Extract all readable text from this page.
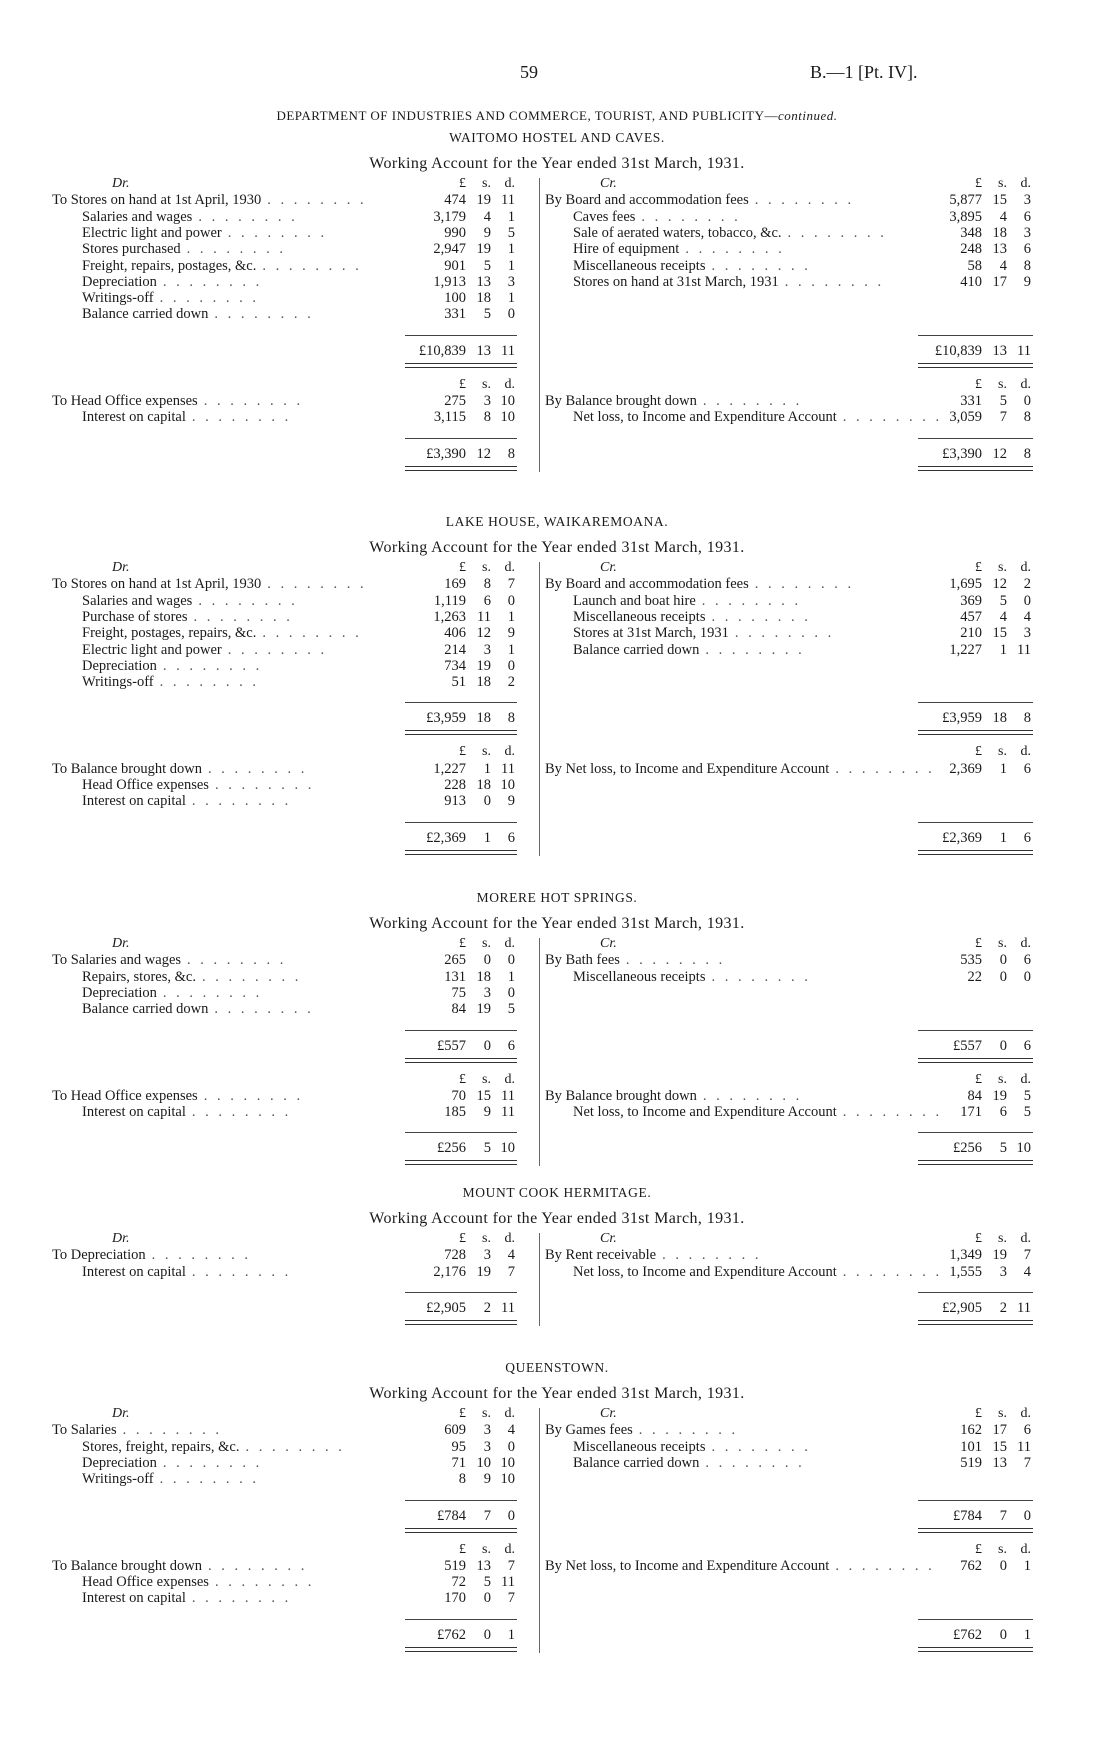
59	B.—1 [Pt. IV].
DEPARTMENT OF INDUSTRIES AND COMMERCE, TOURIST, AND PUBLICITY—continued.
WAITOMO HOSTEL AND CAVES.
Working Account for the Year ended 31st March, 1931.
Dr.	Cr.
£	s. d.	£	s. d.
To Stores on hand at 1st April, 1930 . . . . . . . .	474 19 11
Salaries and wages . . . . . . . .	3,179	4	1
Electric light and power . . . . . . . .	990	9	5
Stores purchased . . . . . . . .	2,947 19	1
Freight, repairs, postages, &c. . . . . . . . .	901	5	1
Depreciation . . . . . . . .	1,913 13	3
Writings-off . . . . . . . .	100 18	1
Balance carried down . . . . . . . .	331	5	0
By Board and accommodation fees . . . . . . . .	5,877 15	3
Caves fees . . . . . . . .	3,895	4	6
Sale of aerated waters, tobacco, &c. . . . . . . . .	348 18	3
Hire of equipment . . . . . . . .	248 13	6
Miscellaneous receipts . . . . . . . .	58	4	8
Stores on hand at 31st March, 1931 . . . . . . . .	410 17	9
£10,839 13 11	£10,839 13 11
£	s. d.	£	s. d.
To Head Office expenses . . . . . . . .	275	3 10
Interest on capital . . . . . . . .	3,115	8 10
By Balance brought down . . . . . . . .	331	5	0
Net loss, to Income and Expenditure Account . . . . . . . . 3,059	7	8
£3,390 12	8	£3,390 12	8
LAKE HOUSE, WAIKAREMOANA.
Working Account for the Year ended 31st March, 1931.
Dr.	Cr.
£	s. d.	£	s. d.
To Stores on hand at 1st April, 1930 . . . . . . . .	169	8	7
Salaries and wages . . . . . . . .	1,119	6	0
Purchase of stores . . . . . . . .	1,263 11	1
Freight, postages, repairs, &c. . . . . . . . .	406 12	9
Electric light and power . . . . . . . .	214	3	1
Depreciation . . . . . . . .	734 19	0
Writings-off . . . . . . . .	51 18	2
By Board and accommodation fees . . . . . . . .	1,695 12	2
Launch and boat hire . . . . . . . .	369	5	0
Miscellaneous receipts . . . . . . . .	457	4	4
Stores at 31st March, 1931 . . . . . . . .	210 15	3
Balance carried down . . . . . . . .	1,227	1 11
£3,959 18	8	£3,959 18	8
£	s. d.	£	s. d.
To Balance brought down . . . . . . . .	1,227	1 11
Head Office expenses . . . . . . . .	228 18 10
Interest on capital . . . . . . . .	913	0	9
By Net loss, to Income and Expenditure Account . . . . . . . .	2,369	1	6
£2,369	1	6	£2,369	1	6
MORERE HOT SPRINGS.
Working Account for the Year ended 31st March, 1931.
Dr.	Cr.
£	s. d.	£	s. d.
To Salaries and wages . . . . . . . .	265	0	0
Repairs, stores, &c. . . . . . . . .	131 18	1
Depreciation . . . . . . . .	75	3	0
Balance carried down . . . . . . . .	84 19	5
By Bath fees . . . . . . . .	535	0	6
Miscellaneous receipts . . . . . . . .	22	0	0
£557	0	6	£557	0	6
£	s. d.	£	s. d.
To Head Office expenses . . . . . . . .	70 15 11
Interest on capital . . . . . . . .	185	9 11
By Balance brought down . . . . . . . .	84 19	5
Net loss, to Income and Expenditure Account . . . . . . . .	171	6	5
£256	5 10	£256	5 10
MOUNT COOK HERMITAGE.
Working Account for the Year ended 31st March, 1931.
Dr.	Cr.
£	s. d.	£	s. d.
To Depreciation . . . . . . . .	728	3	4
Interest on capital . . . . . . . .	2,176 19	7
By Rent receivable . . . . . . . .	1,349 19	7
Net loss, to Income and Expenditure Account . . . . . . . . 1,555	3	4
£2,905	2 11	£2,905	2 11
QUEENSTOWN.
Working Account for the Year ended 31st March, 1931.
Dr.	Cr.
£	s. d.	£	s. d.
To Salaries . . . . . . . .	609	3	4
Stores, freight, repairs, &c. . . . . . . . .	95	3	0
Depreciation . . . . . . . .	71 10 10
Writings-off . . . . . . . .	8	9 10
By Games fees . . . . . . . .	162 17	6
Miscellaneous receipts . . . . . . . .	101 15 11
Balance carried down . . . . . . . .	519 13	7
£784	7	0	£784	7	0
£	s. d.	£	s. d.
To Balance brought down . . . . . . . .	519 13	7
Head Office expenses . . . . . . . .	72	5 11
Interest on capital . . . . . . . .	170	0	7
By Net loss, to Income and Expenditure Account . . . . . . . .	762	0	1
£762	0	1	£762	0	1
